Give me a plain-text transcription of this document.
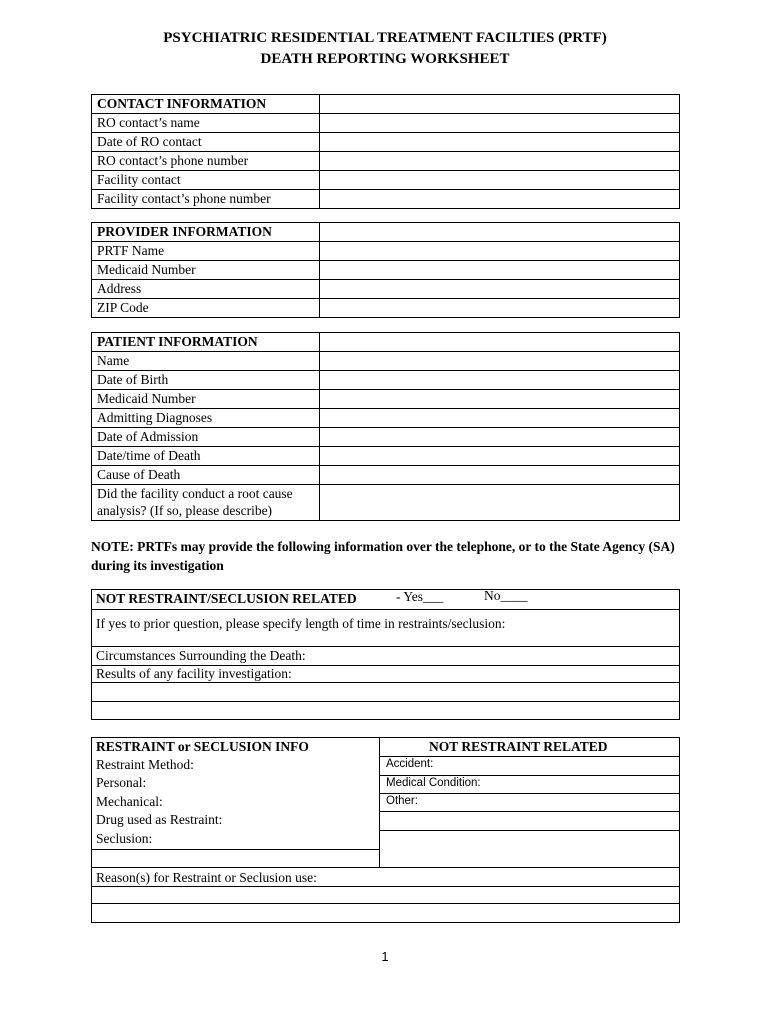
PSYCHIATRIC RESIDENTIAL TREATMENT FACILTIES (PRTF)
DEATH REPORTING WORKSHEET
CONTACT INFORMATION	
RO contact’s name	
Date of RO contact	
RO contact’s phone number	
Facility contact	
Facility contact’s phone number	
PROVIDER INFORMATION	
PRTF Name	
Medicaid Number	
Address	
ZIP Code	
PATIENT INFORMATION	
Name	
Date of Birth	
Medicaid Number	
Admitting Diagnoses	
Date of Admission	
Date/time of Death	
Cause of Death	
Did the facility conduct a root cause analysis? (If so, please describe)	
NOTE: PRTFs may provide the following information over the telephone, or to the State Agency (SA) during its investigation
NOT RESTRAINT/SECLUSION RELATED	- Yes___	No____
If yes to prior question, please specify length of time in restraints/seclusion:
Circumstances Surrounding the Death:
Results of any facility investigation:
RESTRAINT or SECLUSION INFO	NOT RESTRAINT RELATED
Restraint Method:
Personal:
Mechanical:
Drug used as Restraint:
Seclusion:
Accident:
Medical Condition:
Other:
Reason(s) for Restraint or Seclusion use:
1
